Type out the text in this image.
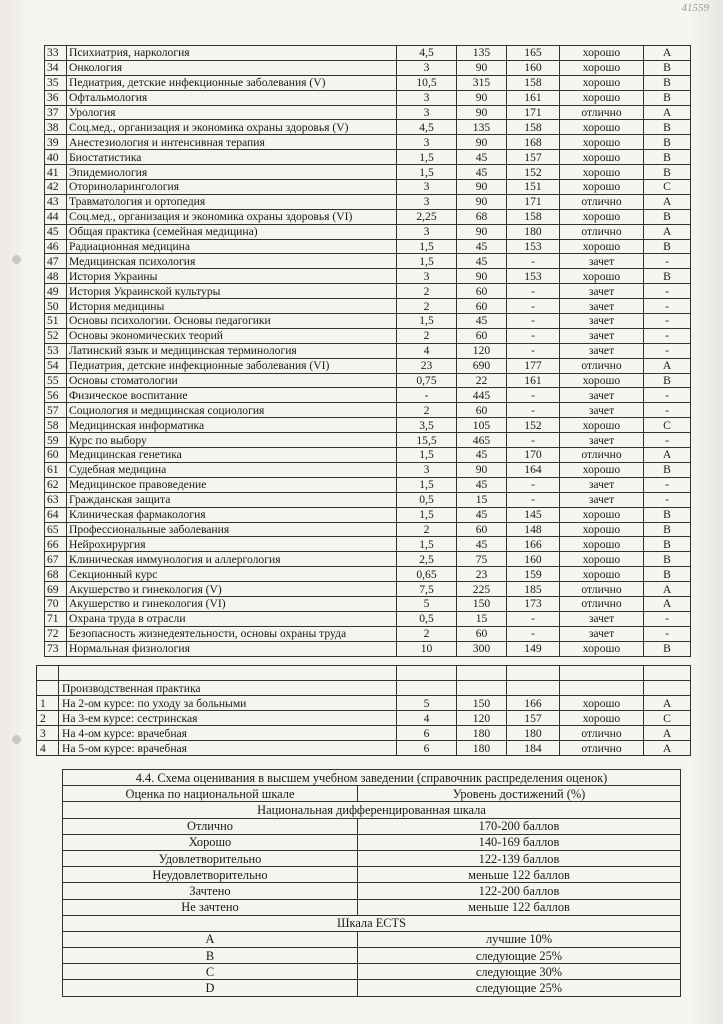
41559
33	Психиатрия, наркология	4,5	135	165	хорошо	A
34	Онкология	3	90	160	хорошо	B
35	Педиатрия, детские инфекционные заболевания (V)	10,5	315	158	хорошо	B
36	Офтальмология	3	90	161	хорошо	B
37	Урология	3	90	171	отлично	A
38	Соц.мед., организация и экономика охраны здоровья (V)	4,5	135	158	хорошо	B
39	Анестезиология и интенсивная терапия	3	90	168	хорошо	B
40	Биостатистика	1,5	45	157	хорошо	B
41	Эпидемиология	1,5	45	152	хорошо	B
42	Оториноларингология	3	90	151	хорошо	C
43	Травматология и ортопедия	3	90	171	отлично	A
44	Соц.мед., организация и экономика охраны здоровья (VI)	2,25	68	158	хорошо	B
45	Общая практика (семейная медицина)	3	90	180	отлично	A
46	Радиационная медицина	1,5	45	153	хорошо	B
47	Медицинская психология	1,5	45	-	зачет	-
48	История Украины	3	90	153	хорошо	B
49	История Украинской культуры	2	60	-	зачет	-
50	История медицины	2	60	-	зачет	-
51	Основы психологии. Основы педагогики	1,5	45	-	зачет	-
52	Основы экономических теорий	2	60	-	зачет	-
53	Латинский язык и медицинская терминология	4	120	-	зачет	-
54	Педиатрия, детские инфекционные заболевания (VI)	23	690	177	отлично	A
55	Основы стоматологии	0,75	22	161	хорошо	B
56	Физическое воспитание	-	445	-	зачет	-
57	Социология и медицинская социология	2	60	-	зачет	-
58	Медицинская информатика	3,5	105	152	хорошо	C
59	Курс по выбору	15,5	465	-	зачет	-
60	Медицинская генетика	1,5	45	170	отлично	A
61	Судебная медицина	3	90	164	хорошо	B
62	Медицинское правоведение	1,5	45	-	зачет	-
63	Гражданская защита	0,5	15	-	зачет	-
64	Клиническая фармакология	1,5	45	145	хорошо	B
65	Профессиональные заболевания	2	60	148	хорошо	B
66	Нейрохирургия	1,5	45	166	хорошо	B
67	Клиническая иммунология и аллергология	2,5	75	160	хорошо	B
68	Секционный курс	0,65	23	159	хорошо	B
69	Акушерство и гинекология (V)	7,5	225	185	отлично	A
70	Акушерство и гинекология (VI)	5	150	173	отлично	A
71	Охрана труда в отрасли	0,5	15	-	зачет	-
72	Безопасность жизнедеятельности, основы охраны труда	2	60	-	зачет	-
73	Нормальная физиология	10	300	149	хорошо	B

	Производственная практика					
1	На 2-ом курсе: по уходу за больными	5	150	166	хорошо	A
2	На 3-ем курсе: сестринская	4	120	157	хорошо	C
3	На 4-ом курсе: врачебная	6	180	180	отлично	A
4	На 5-ом курсе: врачебная	6	180	184	отлично	A
4.4. Схема оценивания в высшем учебном заведении (справочник распределения оценок)	
Оценка по национальной шкале	Уровень достижений (%)
Национальная дифференцированная шкала	
Отлично	170-200 баллов
Хорошо	140-169 баллов
Удовлетворительно	122-139 баллов
Неудовлетворительно	меньше 122 баллов
Зачтено	122-200 баллов
Не зачтено	меньше 122 баллов
Шкала ECTS	
A	лучшие 10%
B	следующие 25%
C	следующие 30%
D	следующие 25%
